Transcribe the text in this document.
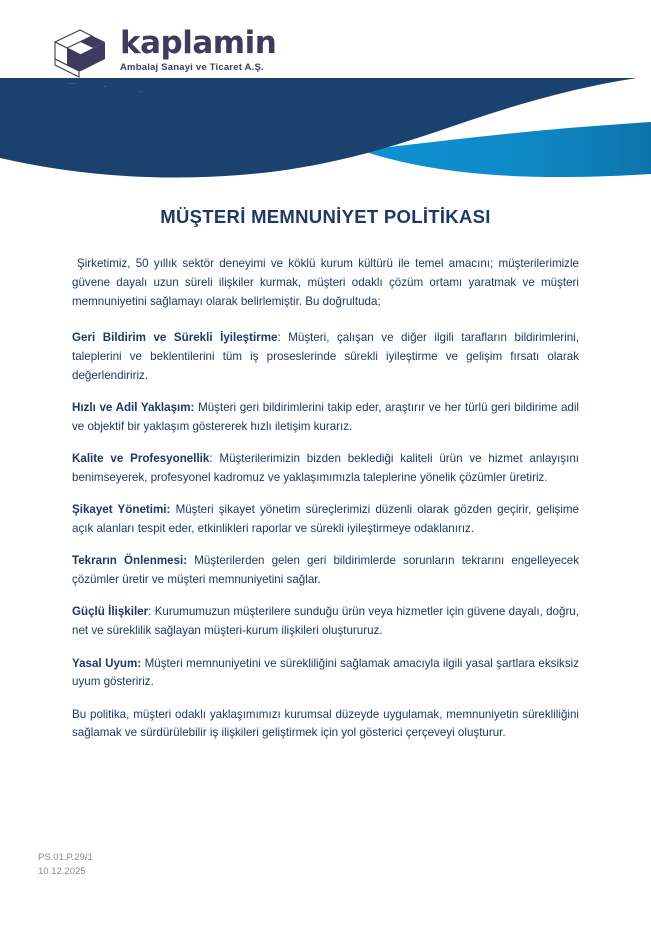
kaplamin
Ambalaj Sanayi ve Ticaret A.Ş.
MÜŞTERİ MEMNUNİYET POLİTİKASI

Şirketimiz, 50 yıllık sektör deneyimi ve köklü kurum kültürü ile temel amacını; müşterilerimizle güvene dayalı uzun süreli ilişkiler kurmak, müşteri odaklı çözüm ortamı yaratmak ve müşteri memnuniyetini sağlamayı olarak belirlemiştir. Bu doğrultuda;

Geri Bildirim ve Sürekli İyileştirme: Müşteri, çalışan ve diğer ilgili tarafların bildirimlerini, taleplerini ve beklentilerini tüm iş proseslerinde sürekli iyileştirme ve gelişim fırsatı olarak değerlendiririz.

Hızlı ve Adil Yaklaşım: Müşteri geri bildirimlerini takip eder, araştırır ve her türlü geri bildirime adil ve objektif bir yaklaşım göstererek hızlı iletişim kurarız.

Kalite ve Profesyonellik: Müşterilerimizin bizden beklediği kaliteli ürün ve hizmet anlayışını benimseyerek, profesyonel kadromuz ve yaklaşımımızla taleplerine yönelik çözümler üretiriz.

Şikayet Yönetimi: Müşteri şikayet yönetim süreçlerimizi düzenli olarak gözden geçirir, gelişime açık alanları tespit eder, etkinlikleri raporlar ve sürekli iyileştirmeye odaklanırız.

Tekrarın Önlenmesi: Müşterilerden gelen geri bildirimlerde sorunların tekrarını engelleyecek çözümler üretir ve müşteri memnuniyetini sağlar.

Güçlü İlişkiler: Kurumumuzun müşterilere sunduğu ürün veya hizmetler için güvene dayalı, doğru, net ve süreklilik sağlayan müşteri-kurum ilişkileri oluştururuz.

Yasal Uyum: Müşteri memnuniyetini ve sürekliliğini sağlamak amacıyla ilgili yasal şartlara eksiksiz uyum gösteririz.

Bu politika, müşteri odaklı yaklaşımımızı kurumsal düzeyde uygulamak, memnuniyetin sürekliliğini sağlamak ve sürdürülebilir iş ilişkileri geliştirmek için yol gösterici çerçeveyi oluşturur.

PS.01.P.29/1
10.12.2025
